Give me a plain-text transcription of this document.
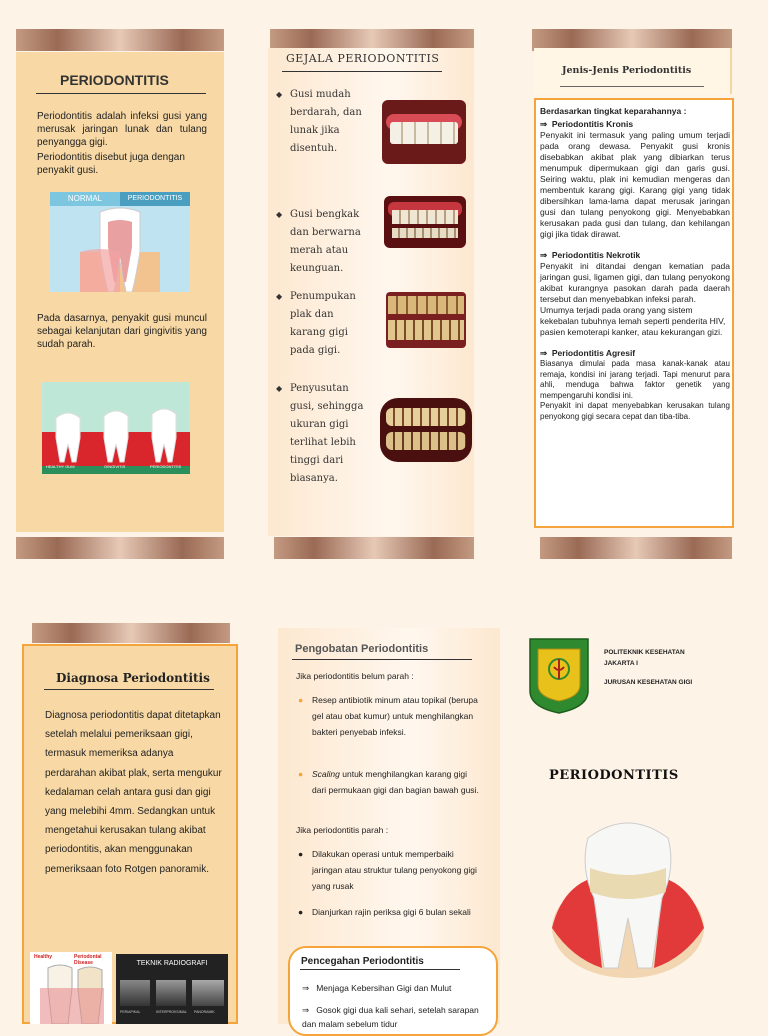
PERIODONTITIS
Periodontitis adalah infeksi gusi yang merusak jaringan lunak dan tulang penyangga gigi.
Periodontitis disebut juga dengan penyakit gusi.
NORMAL	PERIODONTITIS
Pada dasarnya, penyakit gusi muncul sebagai kelanjutan dari gingivitis yang sudah parah.
HEALTHY GUM	GINGIVITIS	PERIODONTITIS
GEJALA PERIODONTITIS
◆ Gusi mudah berdarah, dan lunak jika disentuh.
◆ Gusi bengkak dan berwarna merah atau keunguan.
◆ Penumpukan plak dan karang gigi pada gigi.
◆ Penyusutan gusi, sehingga ukuran gigi terlihat lebih tinggi dari biasanya.
Jenis-Jenis Periodontitis
Berdasarkan tingkat keparahannya :
⇒  Periodontitis Kronis
Penyakit ini termasuk yang paling umum terjadi pada orang dewasa. Penyakit gusi kronis disebabkan akibat plak yang dibiarkan terus menumpuk dipermukaan gigi dan garis gusi. Seiring waktu, plak ini kemudian mengeras dan membentuk karang gigi. Karang gigi yang tidak dibersihkan lama-lama dapat merusak jaringan gusi dan tulang penyokong gigi. Menyebabkan kerusakan pada gusi dan tulang, dan kehilangan gigi jika tidak dirawat.
⇒  Periodontitis Nekrotik
Penyakit ini ditandai dengan kematian pada jaringan gusi, ligamen gigi, dan tulang penyokong akibat kurangnya pasokan darah pada daerah tersebut dan menyebabkan infeksi parah.
Umumya terjadi pada orang yang sistem kekebalan tubuhnya lemah seperti penderita HIV, pasien kemoterapi kanker, atau kekurangan gizi.
⇒  Periodontitis Agresif
Biasanya dimulai pada masa kanak-kanak atau remaja, kondisi ini jarang terjadi. Tapi menurut para ahli, menduga bahwa faktor genetik yang mempengaruhi kondisi ini.
Penyakit ini dapat menyebabkan kerusakan tulang penyokong gigi secara cepat dan tiba-tiba.
Diagnosa Periodontitis
Diagnosa periodontitis dapat ditetapkan setelah melalui pemeriksaan gigi, termasuk memeriksa adanya perdarahan akibat plak, serta mengukur kedalaman celah antara gusi dan gigi yang melebihi 4mm. Sedangkan untuk mengetahui kerusakan tulang akibat periodontitis, akan menggunakan pemeriksaan foto Rotgen panoramik.
Healthy	Periodontal Disease	TEKNIK RADIOGRAFI
PERIAPIKAL	INTERPROKSIMAL PANORAMIK
Pengobatan Periodontitis
Jika periodontitis belum parah :
● Resep antibiotik minum atau topikal (berupa gel atau obat kumur) untuk menghilangkan bakteri penyebab infeksi.
● Scaling untuk menghilangkan karang gigi dari permukaan gigi dan bagian bawah gusi.
Jika periodontitis parah :
● Dilakukan operasi untuk memperbaiki jaringan atau struktur tulang penyokong gigi yang rusak
● Dianjurkan rajin periksa gigi 6 bulan sekali
Pencegahan Periodontitis
⇒   Menjaga Kebersihan Gigi dan Mulut
⇒   Gosok gigi dua kali sehari, setelah sarapan dan malam sebelum tidur
POLITEKNIK KESEHATAN
JAKARTA I
JURUSAN KESEHATAN GIGI
PERIODONTITIS
